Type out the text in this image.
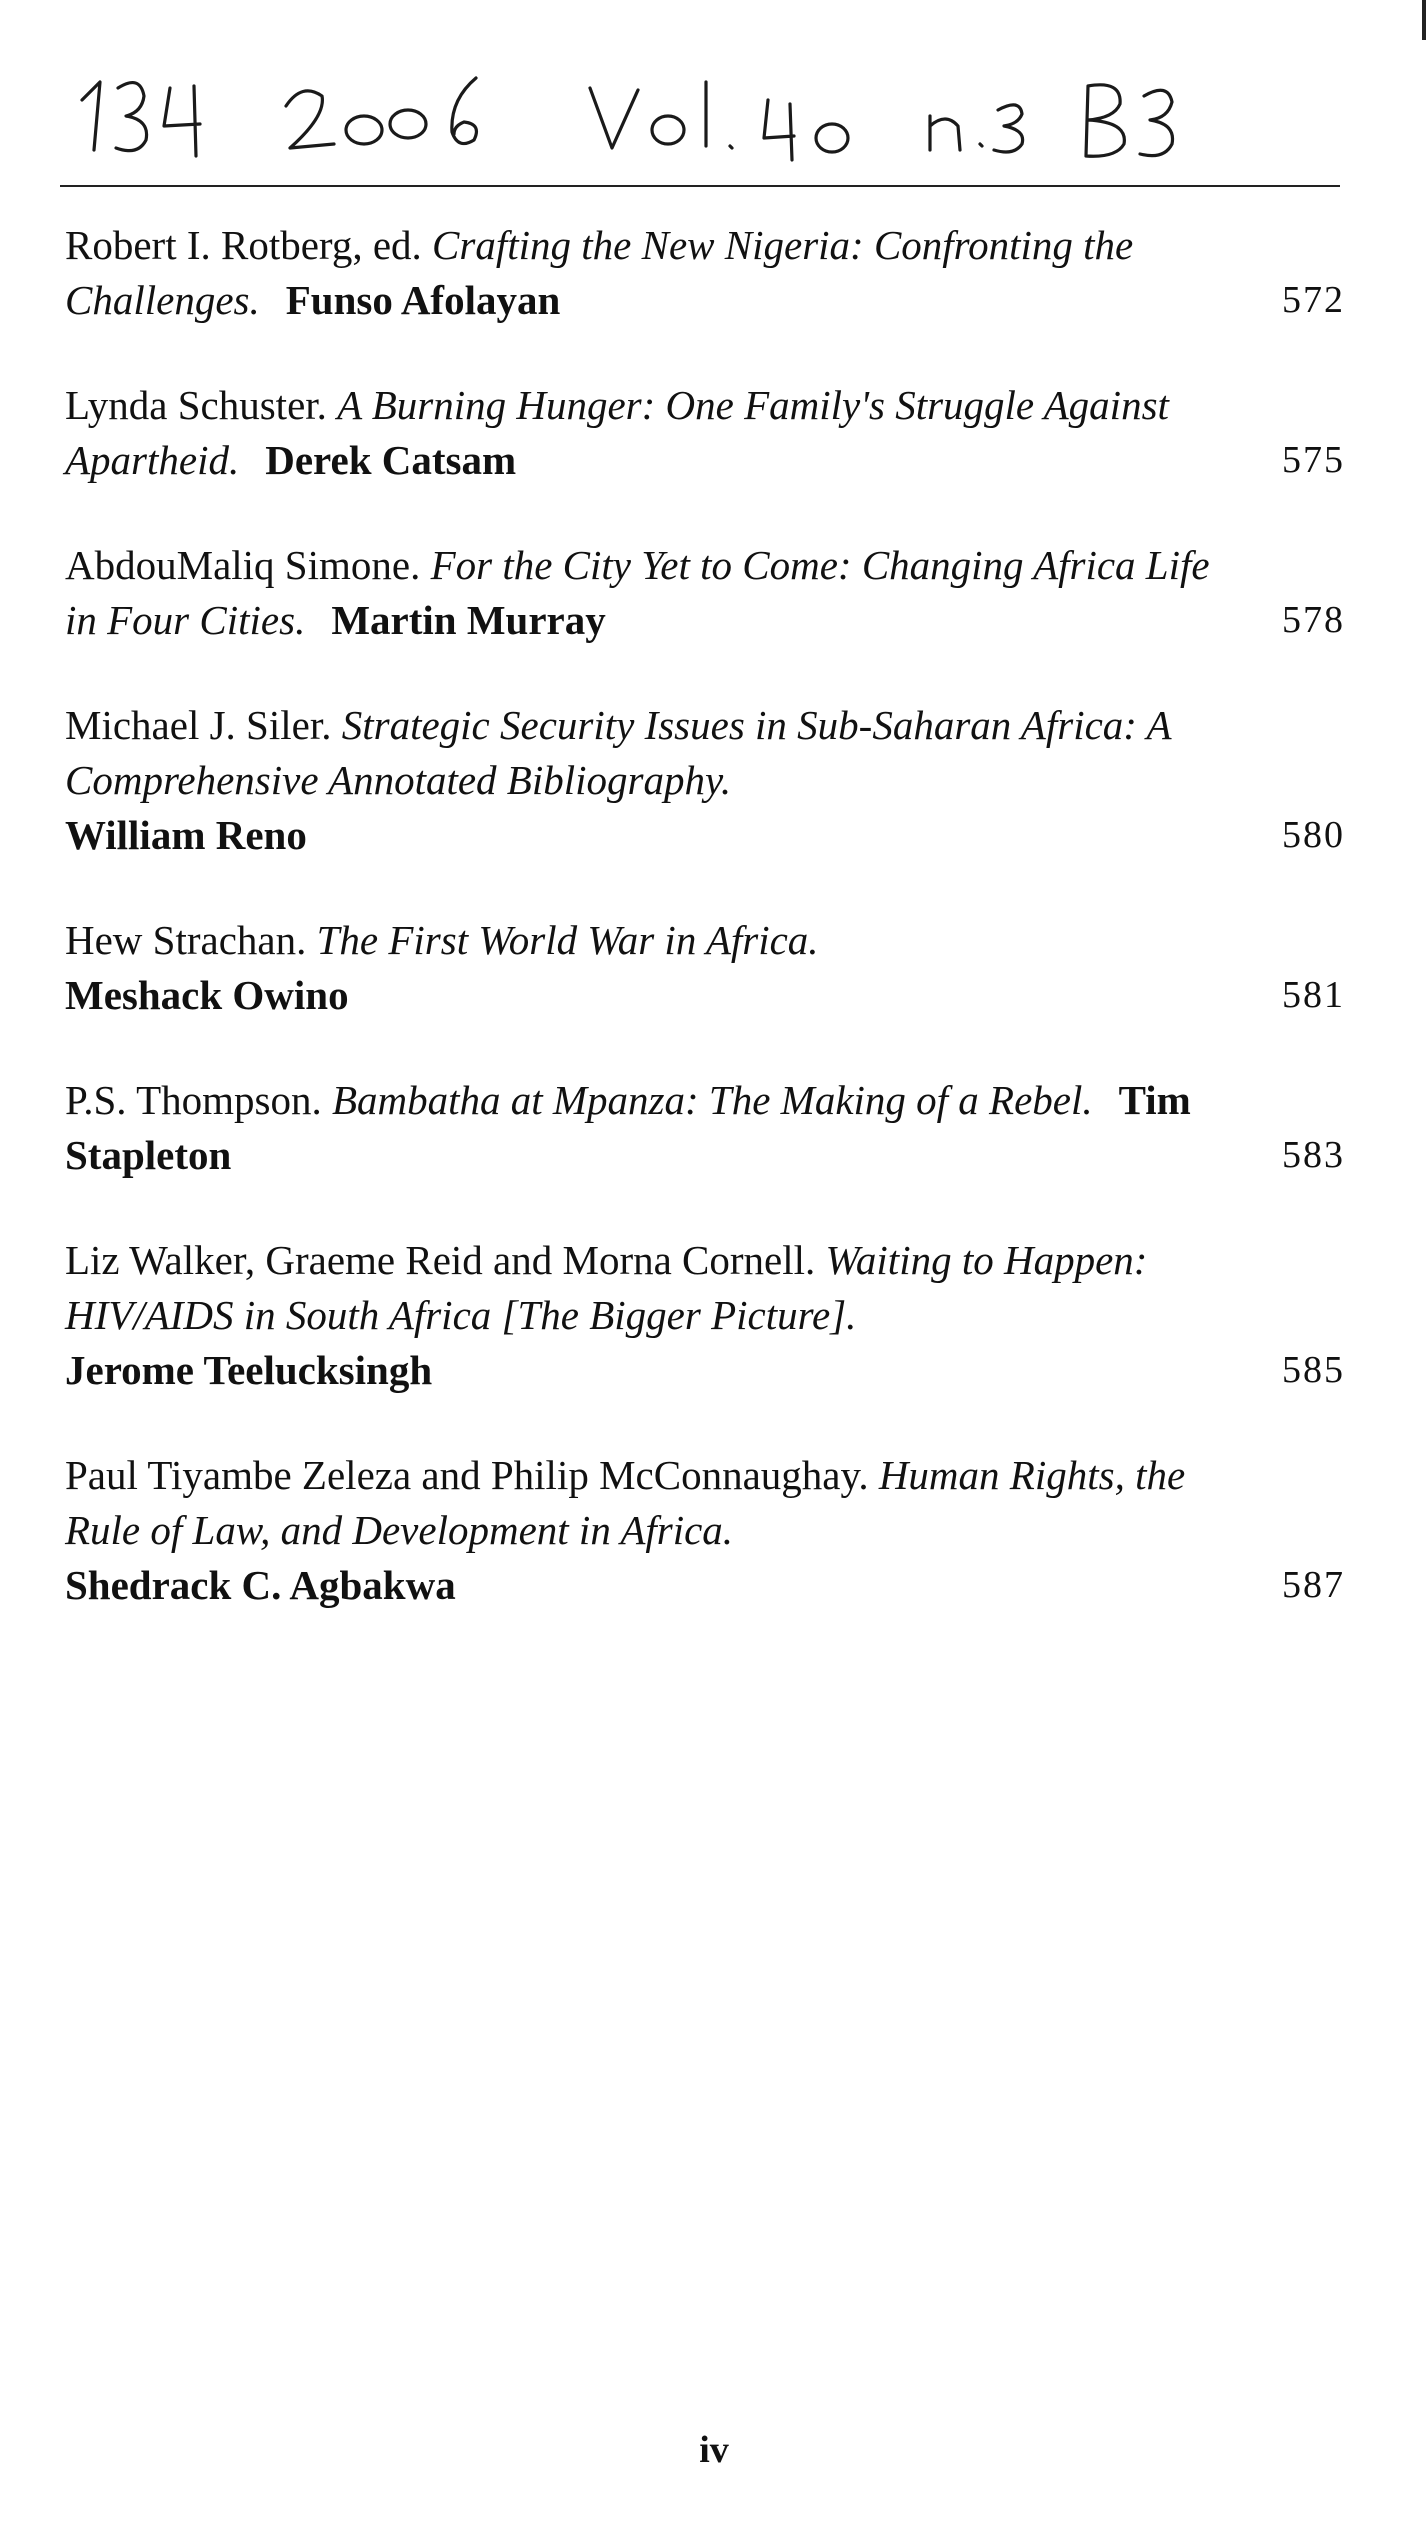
Robert I. Rotberg, ed. Crafting the New Nigeria: Confronting the Challenges. Funso Afolayan	572
Lynda Schuster. A Burning Hunger: One Family's Struggle Against Apartheid. Derek Catsam	575
AbdouMaliq Simone. For the City Yet to Come: Changing Africa Life in Four Cities. Martin Murray	578
Michael J. Siler. Strategic Security Issues in Sub-Saharan Africa: A Comprehensive Annotated Bibliography.
William Reno	580
Hew Strachan. The First World War in Africa.
Meshack Owino	581
P.S. Thompson. Bambatha at Mpanza: The Making of a Rebel. Tim Stapleton	583
Liz Walker, Graeme Reid and Morna Cornell. Waiting to Happen: HIV/AIDS in South Africa [The Bigger Picture].
Jerome Teelucksingh	585
Paul Tiyambe Zeleza and Philip McConnaughay. Human Rights, the Rule of Law, and Development in Africa.
Shedrack C. Agbakwa	587
iv
